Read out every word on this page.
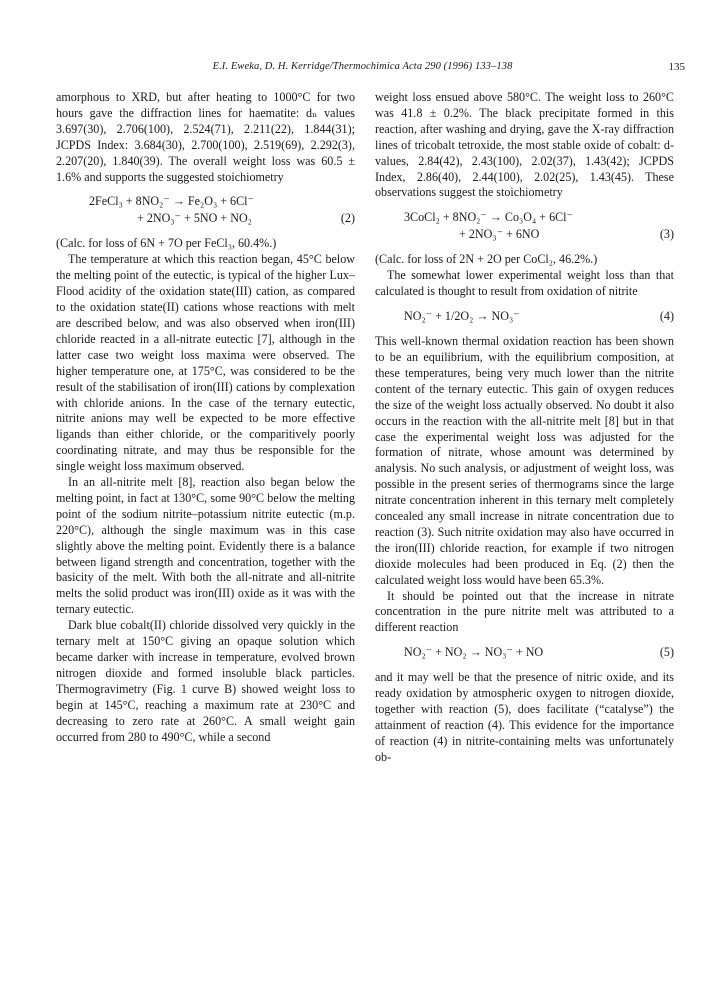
E.I. Eweka, D. H. Kerridge/Thermochimica Acta 290 (1996) 133–138	135

amorphous to XRD, but after heating to 1000°C for two hours gave the diffraction lines for haematite: dₙ values 3.697(30), 2.706(100), 2.524(71), 2.211(22), 1.844(31); JCPDS Index: 3.684(30), 2.700(100), 2.519(69), 2.292(3), 2.207(20), 1.840(39). The overall weight loss was 60.5 ± 1.6% and supports the suggested stoichiometry

2FeCl₃ + 8NO₂⁻ → Fe₂O₃ + 6Cl⁻
+ 2NO₃⁻ + 5NO + NO₂	(2)

(Calc. for loss of 6N + 7O per FeCl₃, 60.4%.)

The temperature at which this reaction began, 45°C below the melting point of the eutectic, is typical of the higher Lux–Flood acidity of the oxidation state(III) cation, as compared to the oxidation state(II) cations whose reactions with melt are described below, and was also observed when iron(III) chloride reacted in a all-nitrate eutectic [7], although in the latter case two weight loss maxima were observed. The higher temperature one, at 175°C, was considered to be the result of the stabilisation of iron(III) cations by complexation with chloride anions. In the case of the ternary eutectic, nitrite anions may well be expected to be more effective ligands than either chloride, or the comparitively poorly coordinating nitrate, and may thus be responsible for the single weight loss maximum observed.

In an all-nitrite melt [8], reaction also began below the melting point, in fact at 130°C, some 90°C below the melting point of the sodium nitrite–potassium nitrite eutectic (m.p. 220°C), although the single maximum was in this case slightly above the melting point. Evidently there is a balance between ligand strength and concentration, together with the basicity of the melt. With both the all-nitrate and all-nitrite melts the solid product was iron(III) oxide as it was with the ternary eutectic.

Dark blue cobalt(II) chloride dissolved very quickly in the ternary melt at 150°C giving an opaque solution which became darker with increase in temperature, evolved brown nitrogen dioxide and formed insoluble black particles. Thermogravimetry (Fig. 1 curve B) showed weight loss to begin at 145°C, reaching a maximum rate at 230°C and decreasing to zero rate at 260°C. A small weight gain occurred from 280 to 490°C, while a second

weight loss ensued above 580°C. The weight loss to 260°C was 41.8 ± 0.2%. The black precipitate formed in this reaction, after washing and drying, gave the X-ray diffraction lines of tricobalt tetroxide, the most stable oxide of cobalt: d-values, 2.84(42), 2.43(100), 2.02(37), 1.43(42); JCPDS Index, 2.86(40), 2.44(100), 2.02(25), 1.43(45). These observations suggest the stoichiometry

3CoCl₂ + 8NO₂⁻ → Co₃O₄ + 6Cl⁻
+ 2NO₃⁻ + 6NO	(3)

(Calc. for loss of 2N + 2O per CoCl₂, 46.2%.)

The somewhat lower experimental weight loss than that calculated is thought to result from oxidation of nitrite

NO₂⁻ + 1/2O₂ → NO₃⁻	(4)

This well-known thermal oxidation reaction has been shown to be an equilibrium, with the equilibrium composition, at these temperatures, being very much lower than the nitrite content of the ternary eutectic. This gain of oxygen reduces the size of the weight loss actually observed. No doubt it also occurs in the reaction with the all-nitrite melt [8] but in that case the experimental weight loss was adjusted for the formation of nitrate, whose amount was determined by analysis. No such analysis, or adjustment of weight loss, was possible in the present series of thermograms since the large nitrate concentration inherent in this ternary melt completely concealed any small increase in nitrate concentration due to reaction (3). Such nitrite oxidation may also have occurred in the iron(III) chloride reaction, for example if two nitrogen dioxide molecules had been produced in Eq. (2) then the calculated weight loss would have been 65.3%.

It should be pointed out that the increase in nitrate concentration in the pure nitrite melt was attributed to a different reaction

NO₂⁻ + NO₂ → NO₃⁻ + NO	(5)

and it may well be that the presence of nitric oxide, and its ready oxidation by atmospheric oxygen to nitrogen dioxide, together with reaction (5), does facilitate (“catalyse”) the attainment of reaction (4). This evidence for the importance of reaction (4) in nitrite-containing melts was unfortunately ob-
